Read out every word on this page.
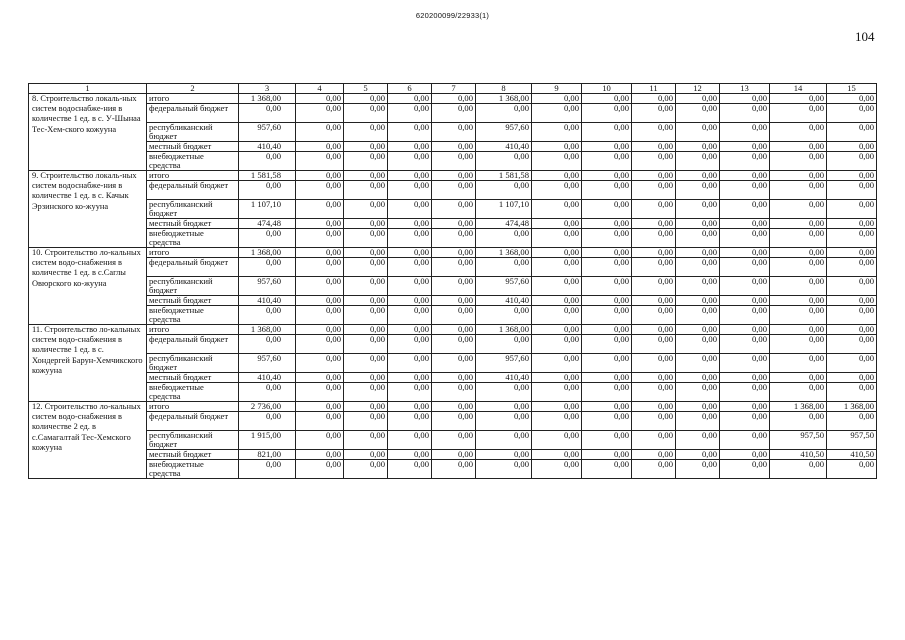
620200099/22933(1)
104
1	2	3	4	5	6	7	8	9	10	11	12	13	14	15
8. Строительство локаль-ных систем водоснабже-ния в количестве 1 ед. в с. У-Шынаа Тес-Хем-ского кожууна	итого	1 368,00	0,00	0,00	0,00	0,00	1 368,00	0,00	0,00	0,00	0,00	0,00	0,00	0,00
	федеральный бюджет	0,00	0,00	0,00	0,00	0,00	0,00	0,00	0,00	0,00	0,00	0,00	0,00	0,00
	республиканский бюджет	957,60	0,00	0,00	0,00	0,00	957,60	0,00	0,00	0,00	0,00	0,00	0,00	0,00
	местный бюджет	410,40	0,00	0,00	0,00	0,00	410,40	0,00	0,00	0,00	0,00	0,00	0,00	0,00
	внебюджетные средства	0,00	0,00	0,00	0,00	0,00	0,00	0,00	0,00	0,00	0,00	0,00	0,00	0,00
9. Строительство локаль-ных систем водоснабже-ния в количестве 1 ед. в с. Качык Эрзинского ко-жууна	итого	1 581,58	0,00	0,00	0,00	0,00	1 581,58	0,00	0,00	0,00	0,00	0,00	0,00	0,00
	федеральный бюджет	0,00	0,00	0,00	0,00	0,00	0,00	0,00	0,00	0,00	0,00	0,00	0,00	0,00
	республиканский бюджет	1 107,10	0,00	0,00	0,00	0,00	1 107,10	0,00	0,00	0,00	0,00	0,00	0,00	0,00
	местный бюджет	474,48	0,00	0,00	0,00	0,00	474,48	0,00	0,00	0,00	0,00	0,00	0,00	0,00
	внебюджетные средства	0,00	0,00	0,00	0,00	0,00	0,00	0,00	0,00	0,00	0,00	0,00	0,00	0,00
10. Строительство ло-кальных систем водо-снабжения в количестве 1 ед. в с.Саглы Овюрского ко-жууна	итого	1 368,00	0,00	0,00	0,00	0,00	1 368,00	0,00	0,00	0,00	0,00	0,00	0,00	0,00
	федеральный бюджет	0,00	0,00	0,00	0,00	0,00	0,00	0,00	0,00	0,00	0,00	0,00	0,00	0,00
	республиканский бюджет	957,60	0,00	0,00	0,00	0,00	957,60	0,00	0,00	0,00	0,00	0,00	0,00	0,00
	местный бюджет	410,40	0,00	0,00	0,00	0,00	410,40	0,00	0,00	0,00	0,00	0,00	0,00	0,00
	внебюджетные средства	0,00	0,00	0,00	0,00	0,00	0,00	0,00	0,00	0,00	0,00	0,00	0,00	0,00
11. Строительство ло-кальных систем водо-снабжения в количестве 1 ед. в с. Хондергей Барун-Хемчикского кожууна	итого	1 368,00	0,00	0,00	0,00	0,00	1 368,00	0,00	0,00	0,00	0,00	0,00	0,00	0,00
	федеральный бюджет	0,00	0,00	0,00	0,00	0,00	0,00	0,00	0,00	0,00	0,00	0,00	0,00	0,00
	республиканский бюджет	957,60	0,00	0,00	0,00	0,00	957,60	0,00	0,00	0,00	0,00	0,00	0,00	0,00
	местный бюджет	410,40	0,00	0,00	0,00	0,00	410,40	0,00	0,00	0,00	0,00	0,00	0,00	0,00
	внебюджетные средства	0,00	0,00	0,00	0,00	0,00	0,00	0,00	0,00	0,00	0,00	0,00	0,00	0,00
12. Строительство ло-кальных систем водо-снабжения в количестве 2 ед. в с.Самагалтай Тес-Хемского кожууна	итого	2 736,00	0,00	0,00	0,00	0,00	0,00	0,00	0,00	0,00	0,00	0,00	1 368,00	1 368,00
	федеральный бюджет	0,00	0,00	0,00	0,00	0,00	0,00	0,00	0,00	0,00	0,00	0,00	0,00	0,00
	республиканский бюджет	1 915,00	0,00	0,00	0,00	0,00	0,00	0,00	0,00	0,00	0,00	0,00	957,50	957,50
	местный бюджет	821,00	0,00	0,00	0,00	0,00	0,00	0,00	0,00	0,00	0,00	0,00	410,50	410,50
	внебюджетные средства	0,00	0,00	0,00	0,00	0,00	0,00	0,00	0,00	0,00	0,00	0,00	0,00	0,00
